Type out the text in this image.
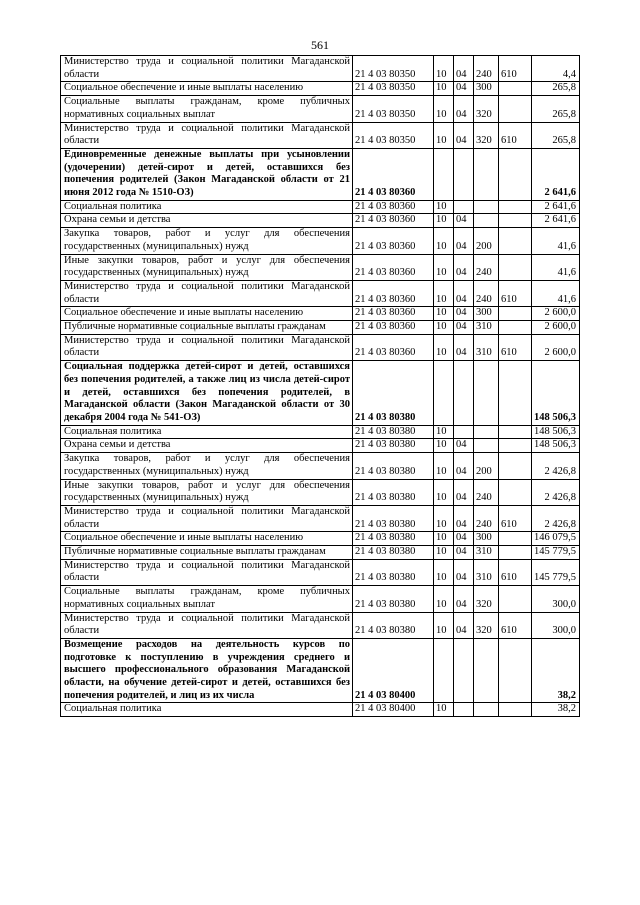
561
Министерство труда и социальной политики Магаданской области	21 4 03 80350	10	04	240	610	4,4
Социальное обеспечение и иные выплаты населению	21 4 03 80350	10	04	300		265,8
Социальные выплаты гражданам, кроме публичных нормативных социальных выплат	21 4 03 80350	10	04	320		265,8
Министерство труда и социальной политики Магаданской области	21 4 03 80350	10	04	320	610	265,8
Единовременные денежные выплаты при усыновлении (удочерении) детей-сирот и детей, оставшихся без попечения родителей (Закон Магаданской области от 21 июня 2012 года № 1510-ОЗ)	21 4 03 80360					2 641,6
Социальная политика	21 4 03 80360	10				2 641,6
Охрана семьи и детства	21 4 03 80360	10	04			2 641,6
Закупка товаров, работ и услуг для обеспечения государственных (муниципальных) нужд	21 4 03 80360	10	04	200		41,6
Иные закупки товаров, работ и услуг для обеспечения государственных (муниципальных) нужд	21 4 03 80360	10	04	240		41,6
Министерство труда и социальной политики Магаданской области	21 4 03 80360	10	04	240	610	41,6
Социальное обеспечение и иные выплаты населению	21 4 03 80360	10	04	300		2 600,0
Публичные нормативные социальные выплаты гражданам	21 4 03 80360	10	04	310		2 600,0
Министерство труда и социальной политики Магаданской области	21 4 03 80360	10	04	310	610	2 600,0
Социальная поддержка детей-сирот и детей, оставшихся без попечения родителей, а также лиц из числа детей-сирот и детей, оставшихся без попечения родителей, в Магаданской области (Закон Магаданской области от 30 декабря 2004 года № 541-ОЗ)	21 4 03 80380					148 506,3
Социальная политика	21 4 03 80380	10				148 506,3
Охрана семьи и детства	21 4 03 80380	10	04			148 506,3
Закупка товаров, работ и услуг для обеспечения государственных (муниципальных) нужд	21 4 03 80380	10	04	200		2 426,8
Иные закупки товаров, работ и услуг для обеспечения государственных (муниципальных) нужд	21 4 03 80380	10	04	240		2 426,8
Министерство труда и социальной политики Магаданской области	21 4 03 80380	10	04	240	610	2 426,8
Социальное обеспечение и иные выплаты населению	21 4 03 80380	10	04	300		146 079,5
Публичные нормативные социальные выплаты гражданам	21 4 03 80380	10	04	310		145 779,5
Министерство труда и социальной политики Магаданской области	21 4 03 80380	10	04	310	610	145 779,5
Социальные выплаты гражданам, кроме публичных нормативных социальных выплат	21 4 03 80380	10	04	320		300,0
Министерство труда и социальной политики Магаданской области	21 4 03 80380	10	04	320	610	300,0
Возмещение расходов на деятельность курсов по подготовке к поступлению в учреждения среднего и высшего профессионального образования Магаданской области, на обучение детей-сирот и детей, оставшихся без попечения родителей, и лиц из их числа	21 4 03 80400					38,2
Социальная политика	21 4 03 80400	10				38,2
